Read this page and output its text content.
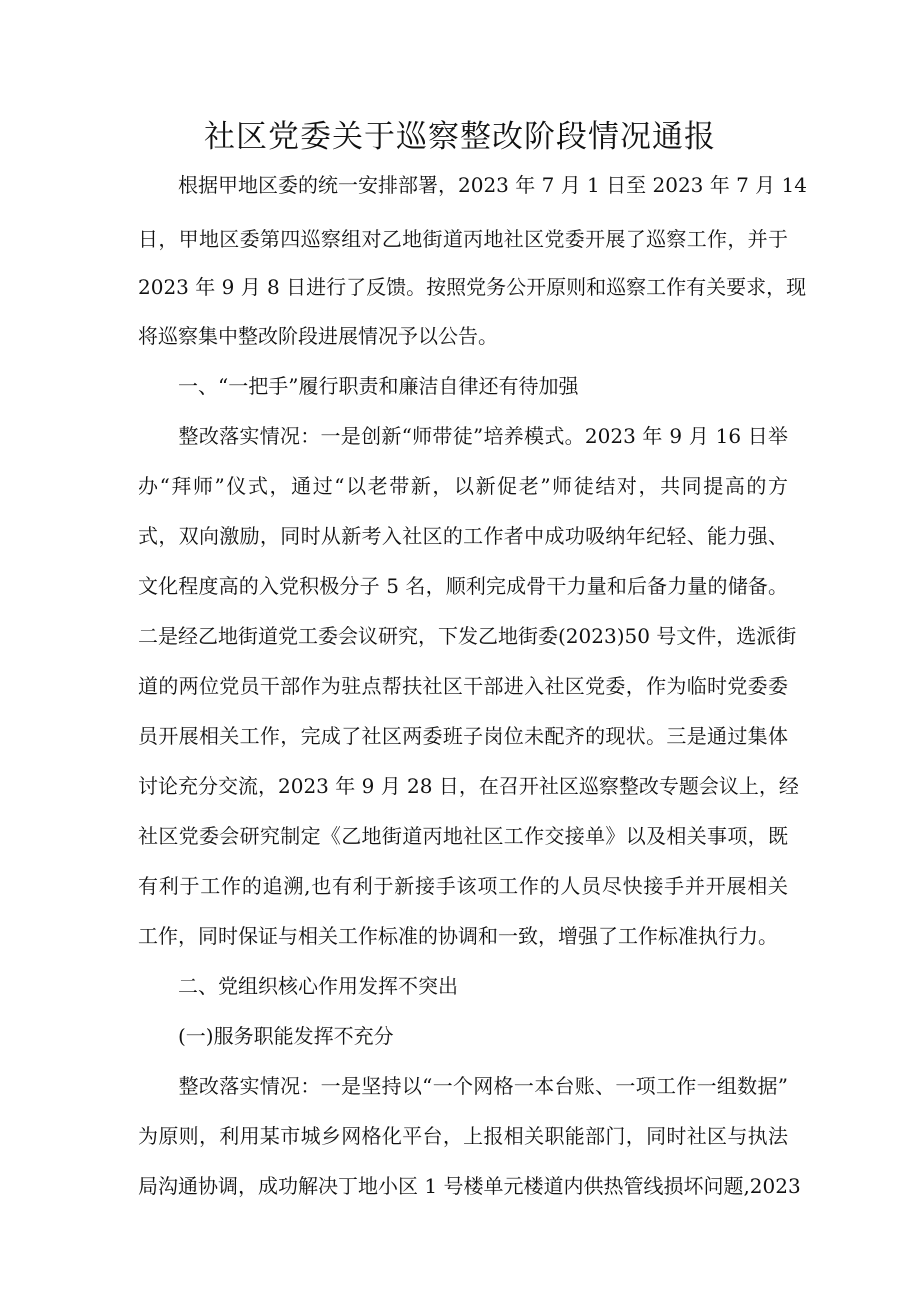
社区党委关于巡察整改阶段情况通报

　　根据甲地区委的统一安排部署，2023 年 7 月 1 日至 2023 年 7 月 14

日，甲地区委第四巡察组对乙地街道丙地社区党委开展了巡察工作，并于

2023 年 9 月 8 日进行了反馈。按照党务公开原则和巡察工作有关要求，现

将巡察集中整改阶段进展情况予以公告。

　　一、“一把手”履行职责和廉洁自律还有待加强

　　整改落实情况：一是创新“师带徒”培养模式。2023 年 9 月 16 日举

办“拜师”仪式，通过“以老带新，以新促老”师徒结对，共同提高的方

式，双向激励，同时从新考入社区的工作者中成功吸纳年纪轻、能力强、

文化程度高的入党积极分子 5 名，顺利完成骨干力量和后备力量的储备。

二是经乙地街道党工委会议研究，下发乙地街委(2023)50 号文件，选派街

道的两位党员干部作为驻点帮扶社区干部进入社区党委，作为临时党委委

员开展相关工作，完成了社区两委班子岗位未配齐的现状。三是通过集体

讨论充分交流，2023 年 9 月 28 日，在召开社区巡察整改专题会议上，经

社区党委会研究制定《乙地街道丙地社区工作交接单》以及相关事项，既

有利于工作的追溯,也有利于新接手该项工作的人员尽快接手并开展相关

工作，同时保证与相关工作标准的协调和一致，增强了工作标准执行力。

　　二、党组织核心作用发挥不突出

　　(一)服务职能发挥不充分

　　整改落实情况：一是坚持以“一个网格一本台账、一项工作一组数据”

为原则，利用某市城乡网格化平台，上报相关职能部门，同时社区与执法

局沟通协调，成功解决丁地小区 1 号楼单元楼道内供热管线损坏问题,2023
